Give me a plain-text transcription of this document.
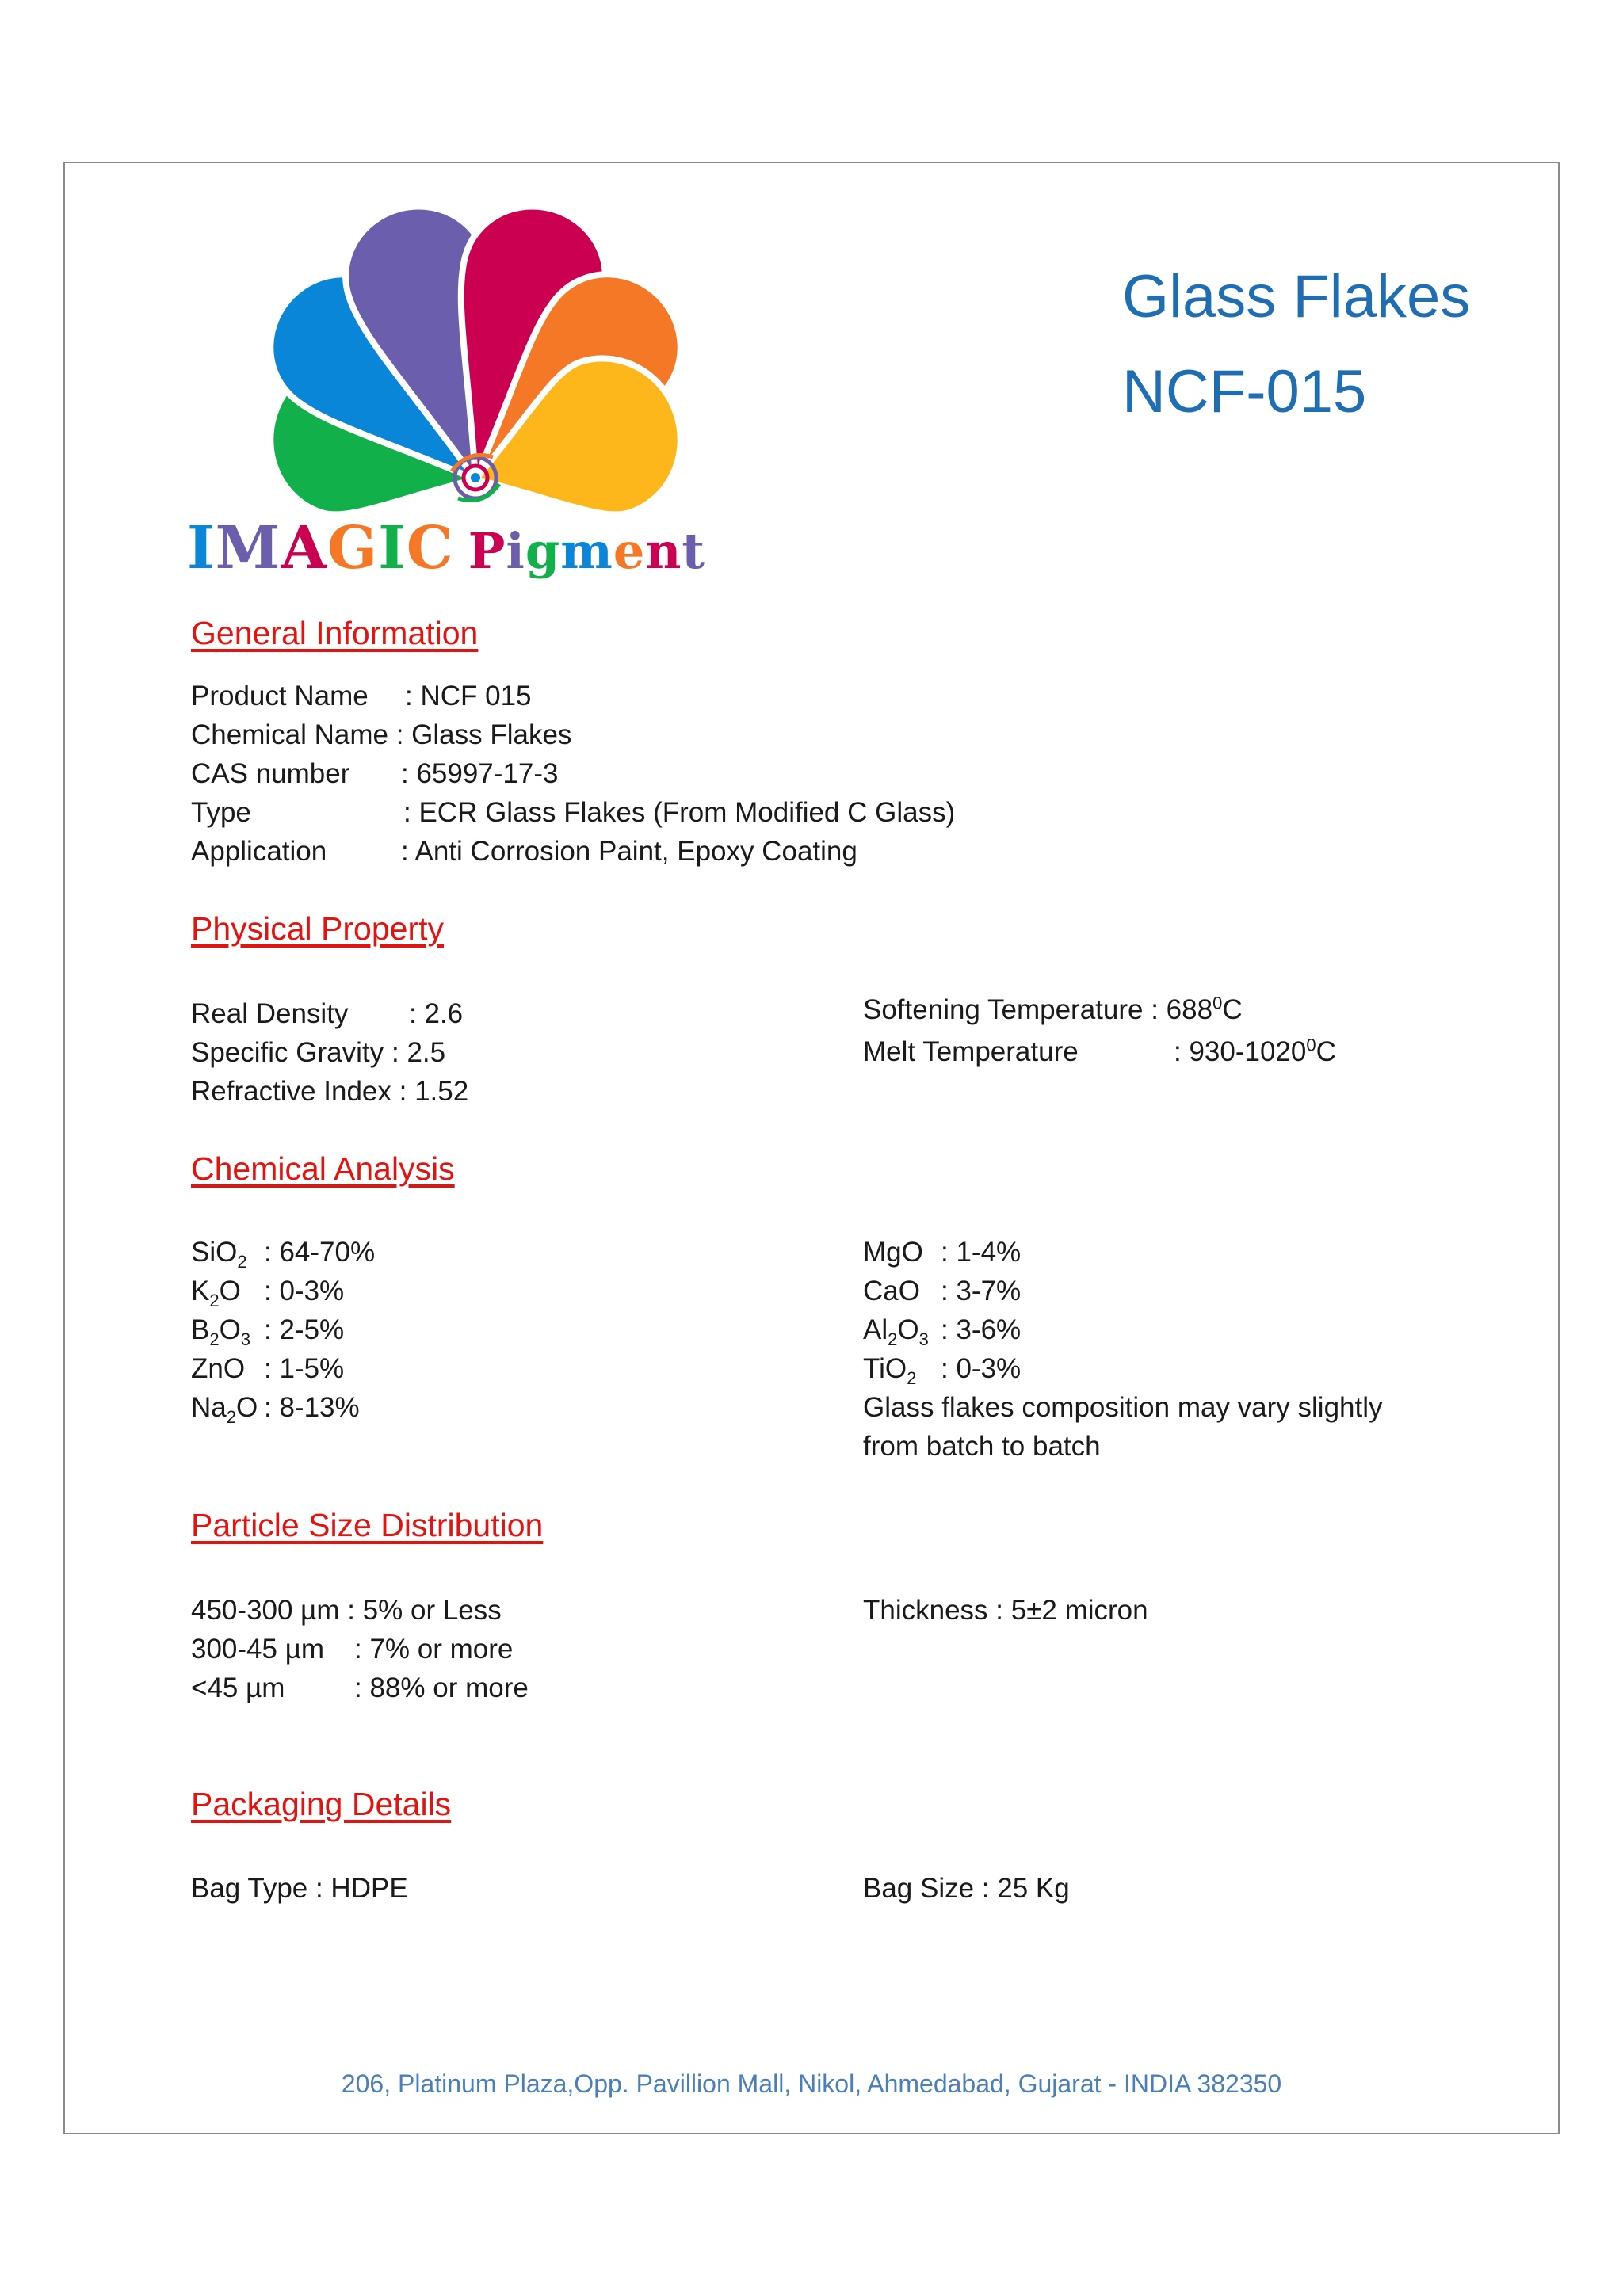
IMAGIC Pigment
Glass Flakes
NCF-015
General Information
Product Name : NCF 015
Chemical Name : Glass Flakes
CAS number : 65997-17-3
Type	: ECR Glass Flakes (From Modified C Glass)
Application	: Anti Corrosion Paint, Epoxy Coating
Physical Property
Real Density : 2.6
Specific Gravity : 2.5
Refractive Index : 1.52
Softening Temperature : $688^0C$
Melt Temperature	: 930-1020$^0$C
Chemical Analysis
SiO$_2$ : 64-70%
$K_2O$ : 0-3%
$B_2O_3$ : 2-5%
ZnO : 1-5%
$Na_2O$ : 8-13%
MgO : 1-4%
CaO : 3-7%
$Al_2O_3$ : 3-6%
TiO$_2$ : 0-3%
Glass flakes composition may vary slightly
from batch to batch
Particle Size Distribution
450-300 µm : 5% or Less
300-45 µm : 7% or more
<45 µm	: 88% or more
Thickness : 5±2 micron
Packaging Details
Bag Type : HDPE	Bag Size : 25 Kg
206, Platinum Plaza,Opp. Pavillion Mall, Nikol, Ahmedabad, Gujarat - INDIA 382350
